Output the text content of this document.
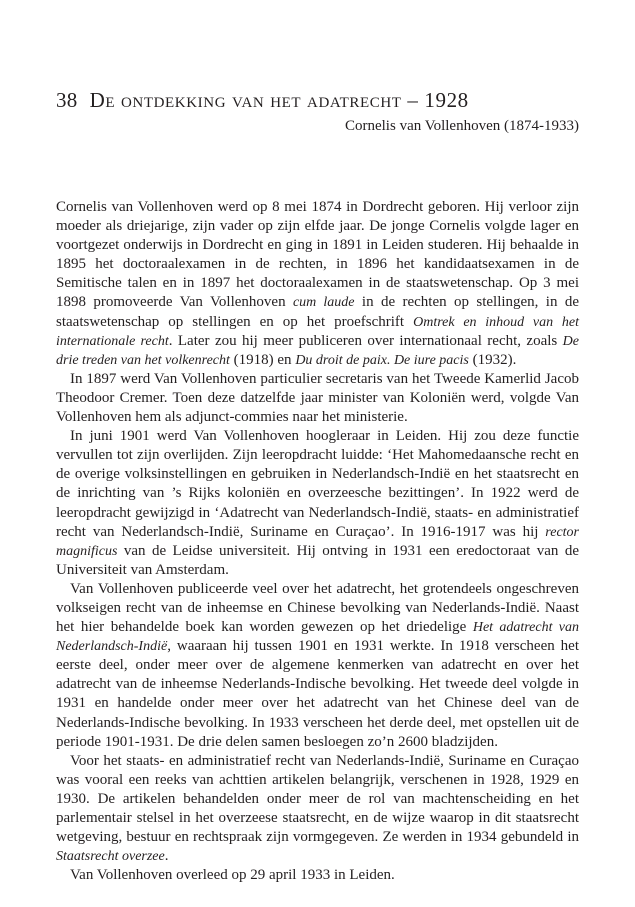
38 De ontdekking van het adatrecht – 1928
Cornelis van Vollenhoven (1874-1933)

Cornelis van Vollenhoven werd op 8 mei 1874 in Dordrecht geboren. Hij verloor zijn moeder als driejarige, zijn vader op zijn elfde jaar. De jonge Cornelis volgde lager en voortgezet onderwijs in Dordrecht en ging in 1891 in Leiden studeren. Hij behaalde in 1895 het doctoraalexamen in de rechten, in 1896 het kandidaatsexamen in de Semitische talen en in 1897 het doctoraalexamen in de staatswetenschap. Op 3 mei 1898 promoveerde Van Vollenhoven cum laude in de rechten op stellingen, in de staatswetenschap op stellingen en op het proefschrift Omtrek en inhoud van het internationale recht. Later zou hij meer publiceren over internationaal recht, zoals De drie treden van het volkenrecht (1918) en Du droit de paix. De iure pacis (1932).

In 1897 werd Van Vollenhoven particulier secretaris van het Tweede Kamerlid Jacob Theodoor Cremer. Toen deze datzelfde jaar minister van Koloniën werd, volgde Van Vollenhoven hem als adjunct-commies naar het ministerie.

In juni 1901 werd Van Vollenhoven hoogleraar in Leiden. Hij zou deze functie vervullen tot zijn overlijden. Zijn leeropdracht luidde: ‘Het Mahomedaansche recht en de overige volksinstellingen en gebruiken in Nederlandsch-Indië en het staatsrecht en de inrichting van ’s Rijks koloniën en overzeesche bezittingen’. In 1922 werd de leeropdracht gewijzigd in ‘Adatrecht van Nederlandsch-Indië, staats- en administratief recht van Nederlandsch-Indië, Suriname en Curaçao’. In 1916-1917 was hij rector magnificus van de Leidse universiteit. Hij ontving in 1931 een eredoctoraat van de Universiteit van Amsterdam.

Van Vollenhoven publiceerde veel over het adatrecht, het grotendeels ongeschreven volkseigen recht van de inheemse en Chinese bevolking van Nederlands-Indië. Naast het hier behandelde boek kan worden gewezen op het driedelige Het adatrecht van Nederlandsch-Indië, waaraan hij tussen 1901 en 1931 werkte. In 1918 verscheen het eerste deel, onder meer over de algemene kenmerken van adatrecht en over het adatrecht van de inheemse Nederlands-Indische bevolking. Het tweede deel volgde in 1931 en handelde onder meer over het adatrecht van het Chinese deel van de Nederlands-Indische bevolking. In 1933 verscheen het derde deel, met opstellen uit de periode 1901-1931. De drie delen samen besloegen zo’n 2600 bladzijden.

Voor het staats- en administratief recht van Nederlands-Indië, Suriname en Curaçao was vooral een reeks van achttien artikelen belangrijk, verschenen in 1928, 1929 en 1930. De artikelen behandelden onder meer de rol van machtenscheiding en het parlementair stelsel in het overzeese staatsrecht, en de wijze waarop in dit staatsrecht wetgeving, bestuur en rechtspraak zijn vormgegeven. Ze werden in 1934 gebundeld in Staatsrecht overzee.

Van Vollenhoven overleed op 29 april 1933 in Leiden.
